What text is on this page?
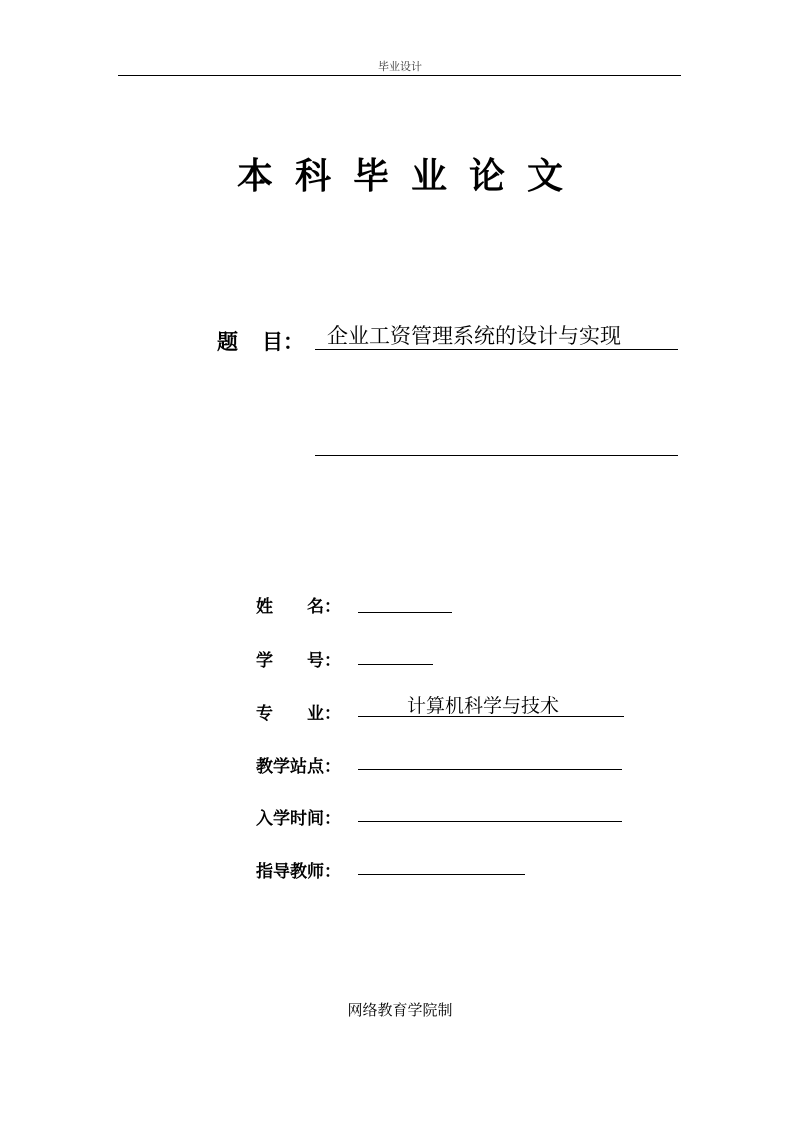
毕业设计
本科毕业论文
题 目：	企业工资管理系统的设计与实现
姓 名：
学 号：
专 业：	计算机科学与技术
教学站点：
入学时间：
指导教师：
网络教育学院制
